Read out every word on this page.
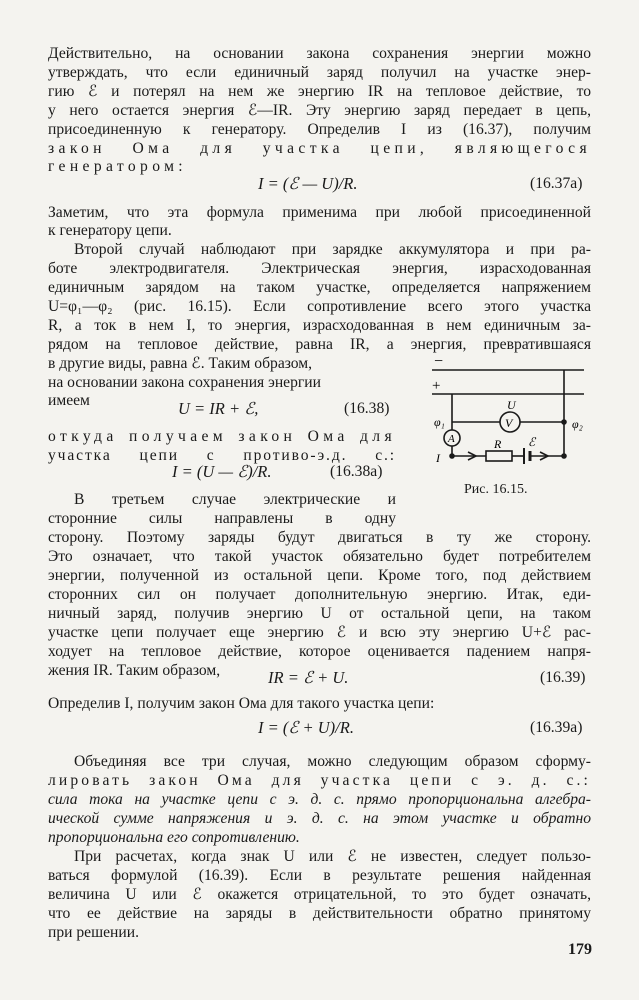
Действительно, на основании закона сохранения энергии можно
утверждать, что если единичный заряд получил на участке энер-
гию ℰ и потерял на нем же энергию IR на тепловое действие, то
у него остается энергия ℰ—IR. Эту энергию заряд передает в цепь,
присоединенную к генератору. Определив I из (16.37), получим
закон Ома для участка цепи, являющегося
генератором:
I = (ℰ — U)/R.	(16.37a)
Заметим, что эта формула применима при любой присоединенной
к генератору цепи.
Второй случай наблюдают при зарядке аккумулятора и при ра-
боте электродвигателя. Электрическая энергия, израсходованная
единичным зарядом на таком участке, определяется напряжением
U=φ₁—φ₂ (рис. 16.15). Если сопротивление всего этого участка
R, а ток в нем I, то энергия, израсходованная в нем единичным за-
рядом на тепловое действие, равна IR, а энергия, превратившаяся
в другие виды, равна ℰ. Таким образом,
на основании закона сохранения энергии
имеем	U = IR + ℰ,	(16.38)
откуда получаем закон Ома для
участка цепи с противо-э.д. с.:
I = (U — ℰ)/R.	(16.38a)
В третьем случае электрические и
сторонние силы направлены в одну
−
+
U
V
A
φ₁	φ₂
I
R ℰ
Рис. 16.15.
сторону. Поэтому заряды будут двигаться в ту же сторону.
Это означает, что такой участок обязательно будет потребителем
энергии, полученной из остальной цепи. Кроме того, под действием
сторонних сил он получает дополнительную энергию. Итак, еди-
ничный заряд, получив энергию U от остальной цепи, на таком
участке цепи получает еще энергию ℰ и всю эту энергию U+ℰ рас-
ходует на тепловое действие, которое оценивается падением напря-
жения IR. Таким образом,	IR = ℰ + U.	(16.39)
Определив I, получим закон Ома для такого участка цепи:
I = (ℰ + U)/R.	(16.39a)
Объединяя все три случая, можно следующим образом сформу-
лировать закон Ома для участка цепи с э. д. с.:
сила тока на участке цепи с э. д. с. прямо пропорциональна алгебра-
ической сумме напряжения и э. д. с. на этом участке и обратно
пропорциональна его сопротивлению.
При расчетах, когда знак U или ℰ не известен, следует пользо-
ваться формулой (16.39). Если в результате решения найденная
величина U или ℰ окажется отрицательной, то это будет означать,
что ее действие на заряды в действительности обратно принятому
при решении.
179
